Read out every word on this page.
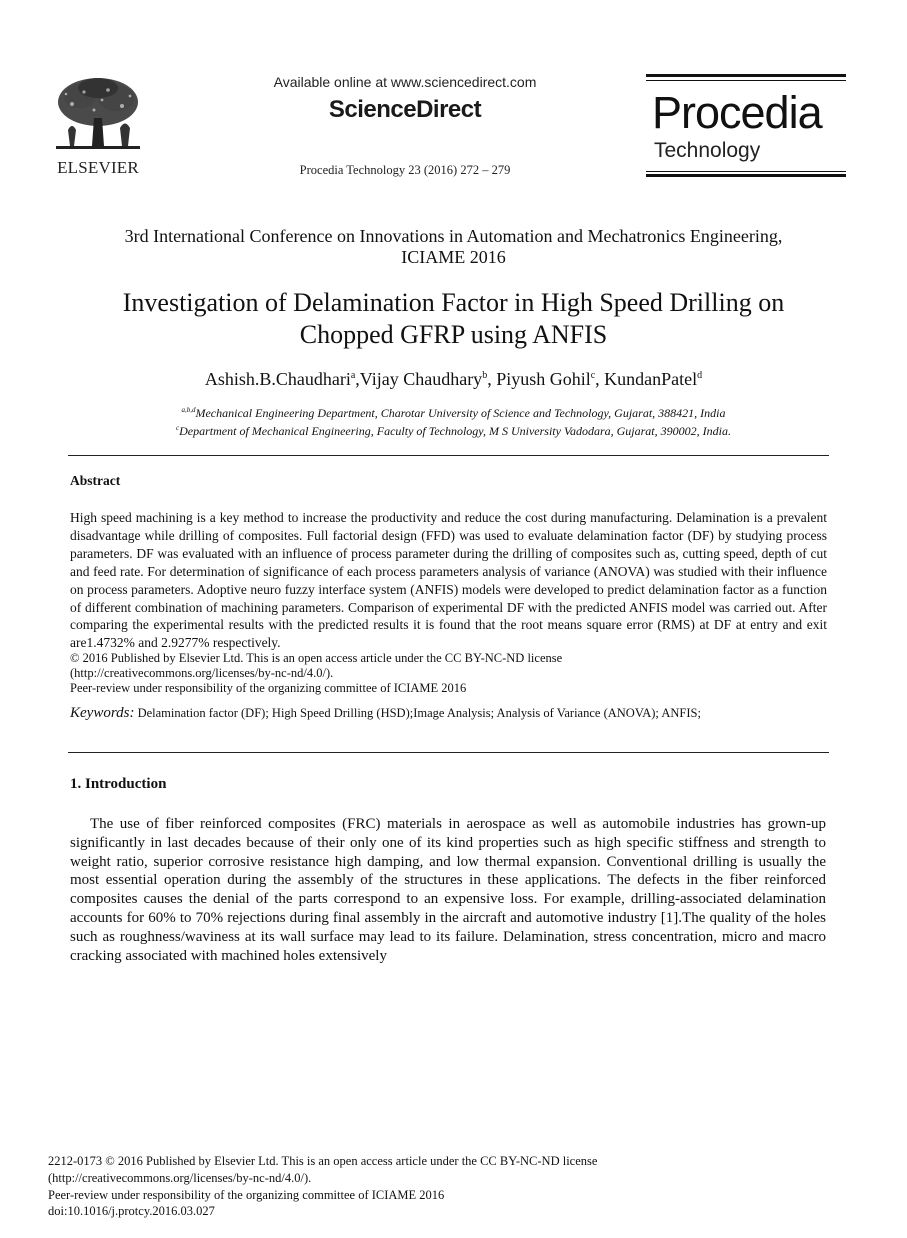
ELSEVIER
Available online at www.sciencedirect.com
ScienceDirect
Procedia Technology 23 (2016) 272 – 279
Procedia
Technology
3rd International Conference on Innovations in Automation and Mechatronics Engineering,
ICIAME 2016
Investigation of Delamination Factor in High Speed Drilling on
Chopped GFRP using ANFIS
Ashish.B.Chaudhari$^a$,Vijay Chaudhary$^b$, Piyush Gohil$^c$, KundanPatel$^d$
$^{a,b,d}$Mechanical Engineering Department, Charotar University of Science and Technology, Gujarat, 388421, India
$^c$Department of Mechanical Engineering, Faculty of Technology, M S University Vadodara, Gujarat, 390002, India.
Abstract
High speed machining is a key method to increase the productivity and reduce the cost during manufacturing. Delamination is a prevalent disadvantage while drilling of composites. Full factorial design (FFD) was used to evaluate delamination factor (DF) by studying process parameters. DF was evaluated with an influence of process parameter during the drilling of composites such as, cutting speed, depth of cut and feed rate. For determination of significance of each process parameters analysis of variance (ANOVA) was studied with their influence on process parameters. Adoptive neuro fuzzy interface system (ANFIS) models were developed to predict delamination factor as a function of different combination of machining parameters. Comparison of experimental DF with the predicted ANFIS model was carried out. After comparing the experimental results with the predicted results it is found that the root means square error (RMS) at DF at entry and exit are1.4732% and 2.9277% respectively.
© 2016 Published by Elsevier Ltd. This is an open access article under the CC BY-NC-ND license
(http://creativecommons.org/licenses/by-nc-nd/4.0/).
Peer-review under responsibility of the organizing committee of ICIAME 2016
Keywords: Delamination factor (DF); High Speed Drilling (HSD);Image Analysis; Analysis of Variance (ANOVA); ANFIS;
1. Introduction
The use of fiber reinforced composites (FRC) materials in aerospace as well as automobile industries has grown-up significantly in last decades because of their only one of its kind properties such as high specific stiffness and strength to weight ratio, superior corrosive resistance high damping, and low thermal expansion. Conventional drilling is usually the most essential operation during the assembly of the structures in these applications. The defects in the fiber reinforced composites causes the denial of the parts correspond to an expensive loss. For example, drilling-associated delamination accounts for 60% to 70% rejections during final assembly in the aircraft and automotive industry [1].The quality of the holes such as roughness/waviness at its wall surface may lead to its failure. Delamination, stress concentration, micro and macro cracking associated with machined holes extensively
2212-0173 © 2016 Published by Elsevier Ltd. This is an open access article under the CC BY-NC-ND license
(http://creativecommons.org/licenses/by-nc-nd/4.0/).
Peer-review under responsibility of the organizing committee of ICIAME 2016
doi:10.1016/j.protcy.2016.03.027
